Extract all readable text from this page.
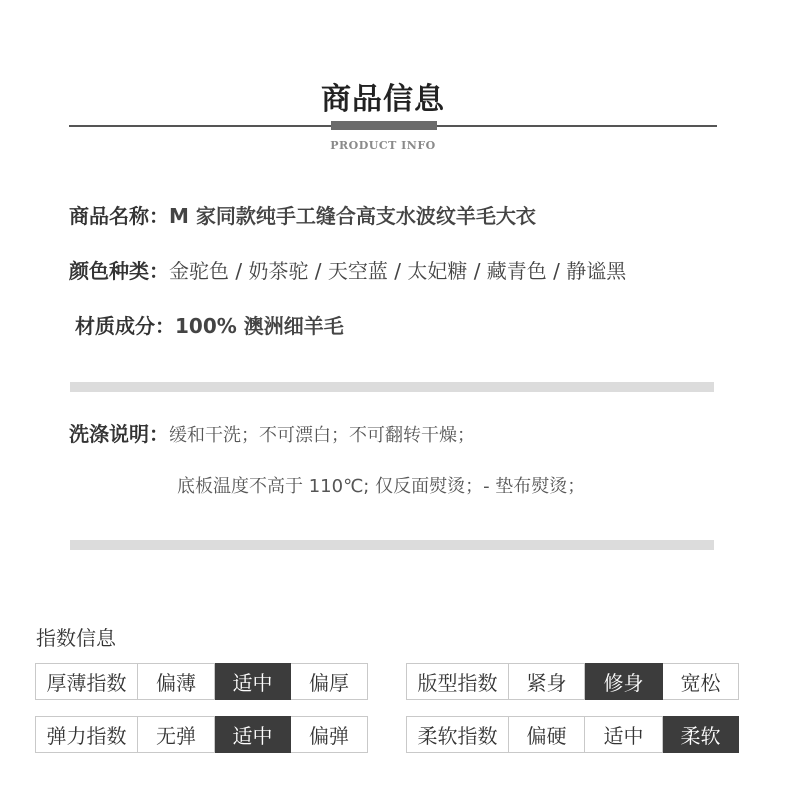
商品信息
PRODUCT INFO
商品名称：M 家同款纯手工缝合高支水波纹羊毛大衣
颜色种类：金驼色 / 奶茶驼 / 天空蓝 / 太妃糖 / 藏青色 / 静谧黑
材质成分：100% 澳洲细羊毛
洗涤说明：缓和干洗；不可漂白；不可翻转干燥；
底板温度不高于 110℃; 仅反面熨烫；- 垫布熨烫；
指数信息
厚薄指数	偏薄	适中	偏厚	版型指数	紧身	修身	宽松
弹力指数	无弹	适中	偏弹	柔软指数	偏硬	适中	柔软
